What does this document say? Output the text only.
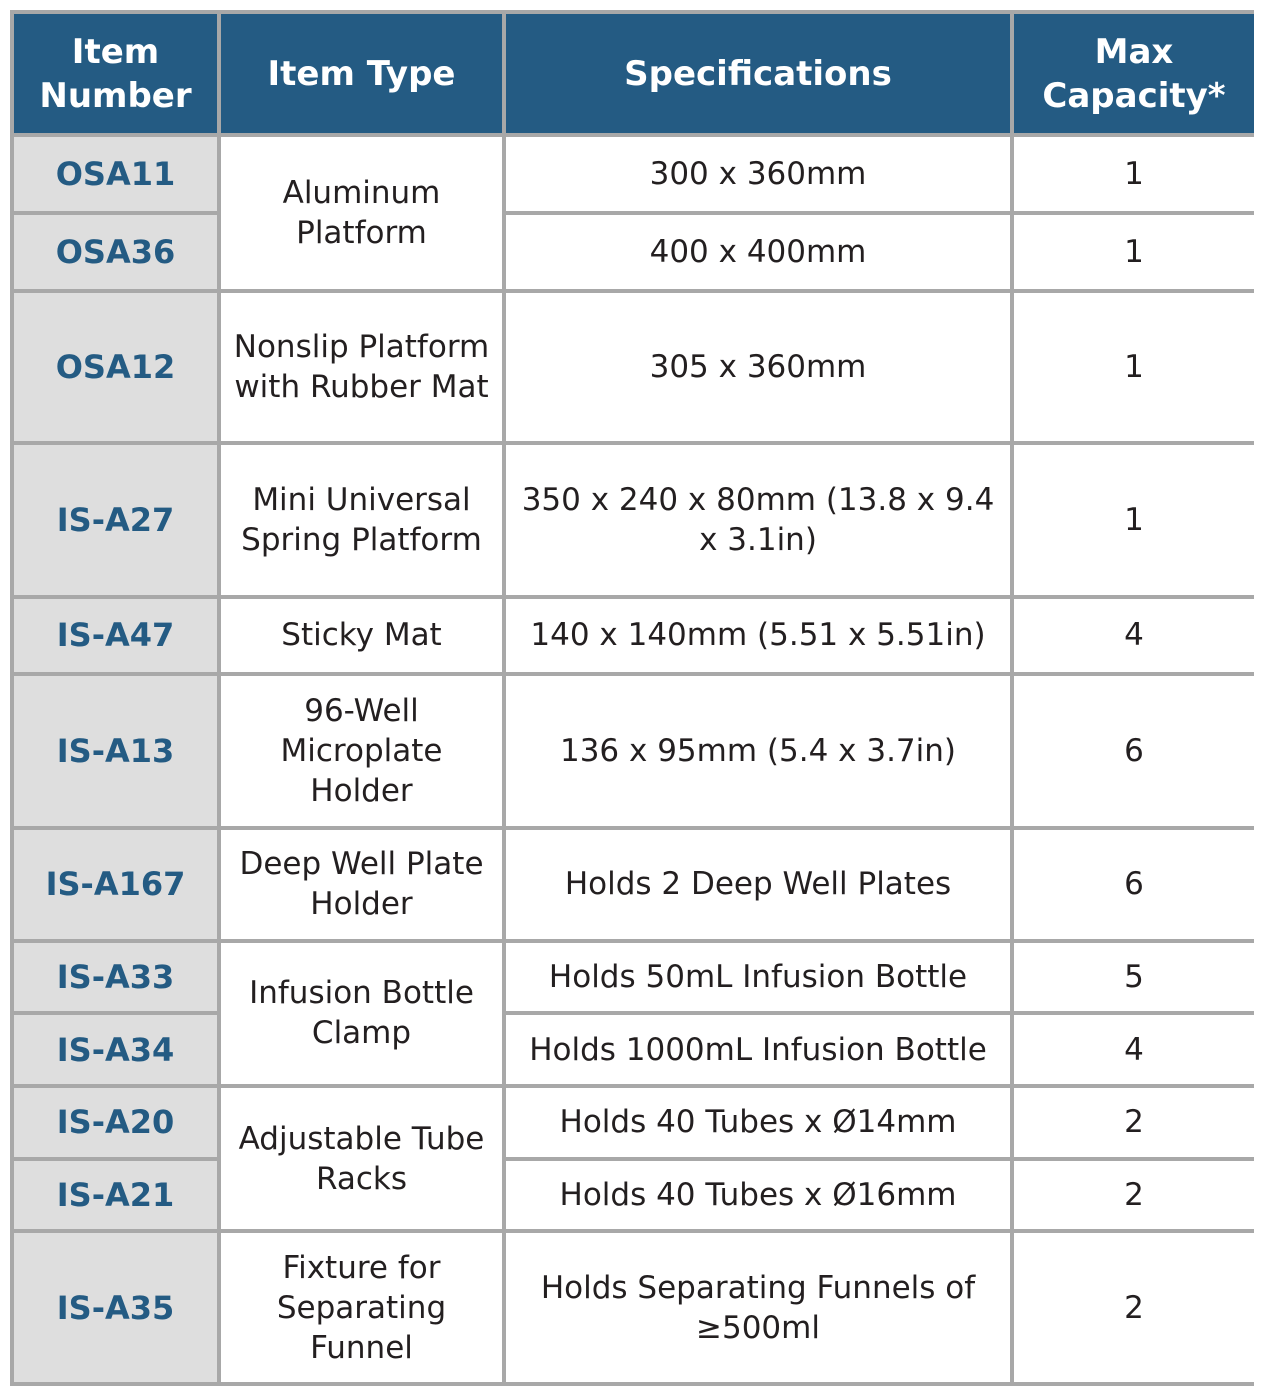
Item Number	Item Type	Specifications	Max Capacity*
OSA11	Aluminum Platform	300 x 360mm	1
OSA36		400 x 400mm	1
OSA12	Nonslip Platform with Rubber Mat	305 x 360mm	1
IS-A27	Mini Universal Spring Platform	350 x 240 x 80mm (13.8 x 9.4 x 3.1in)	1
IS-A47	Sticky Mat	140 x 140mm (5.51 x 5.51in)	4
IS-A13	96-Well Microplate Holder	136 x 95mm (5.4 x 3.7in)	6
IS-A167	Deep Well Plate Holder	Holds 2 Deep Well Plates	6
IS-A33	Infusion Bottle Clamp	Holds 50mL Infusion Bottle	5
IS-A34		Holds 1000mL Infusion Bottle	4
IS-A20	Adjustable Tube Racks	Holds 40 Tubes x Ø14mm	2
IS-A21		Holds 40 Tubes x Ø16mm	2
IS-A35	Fixture for Separating Funnel	Holds Separating Funnels of ≥500ml	2
